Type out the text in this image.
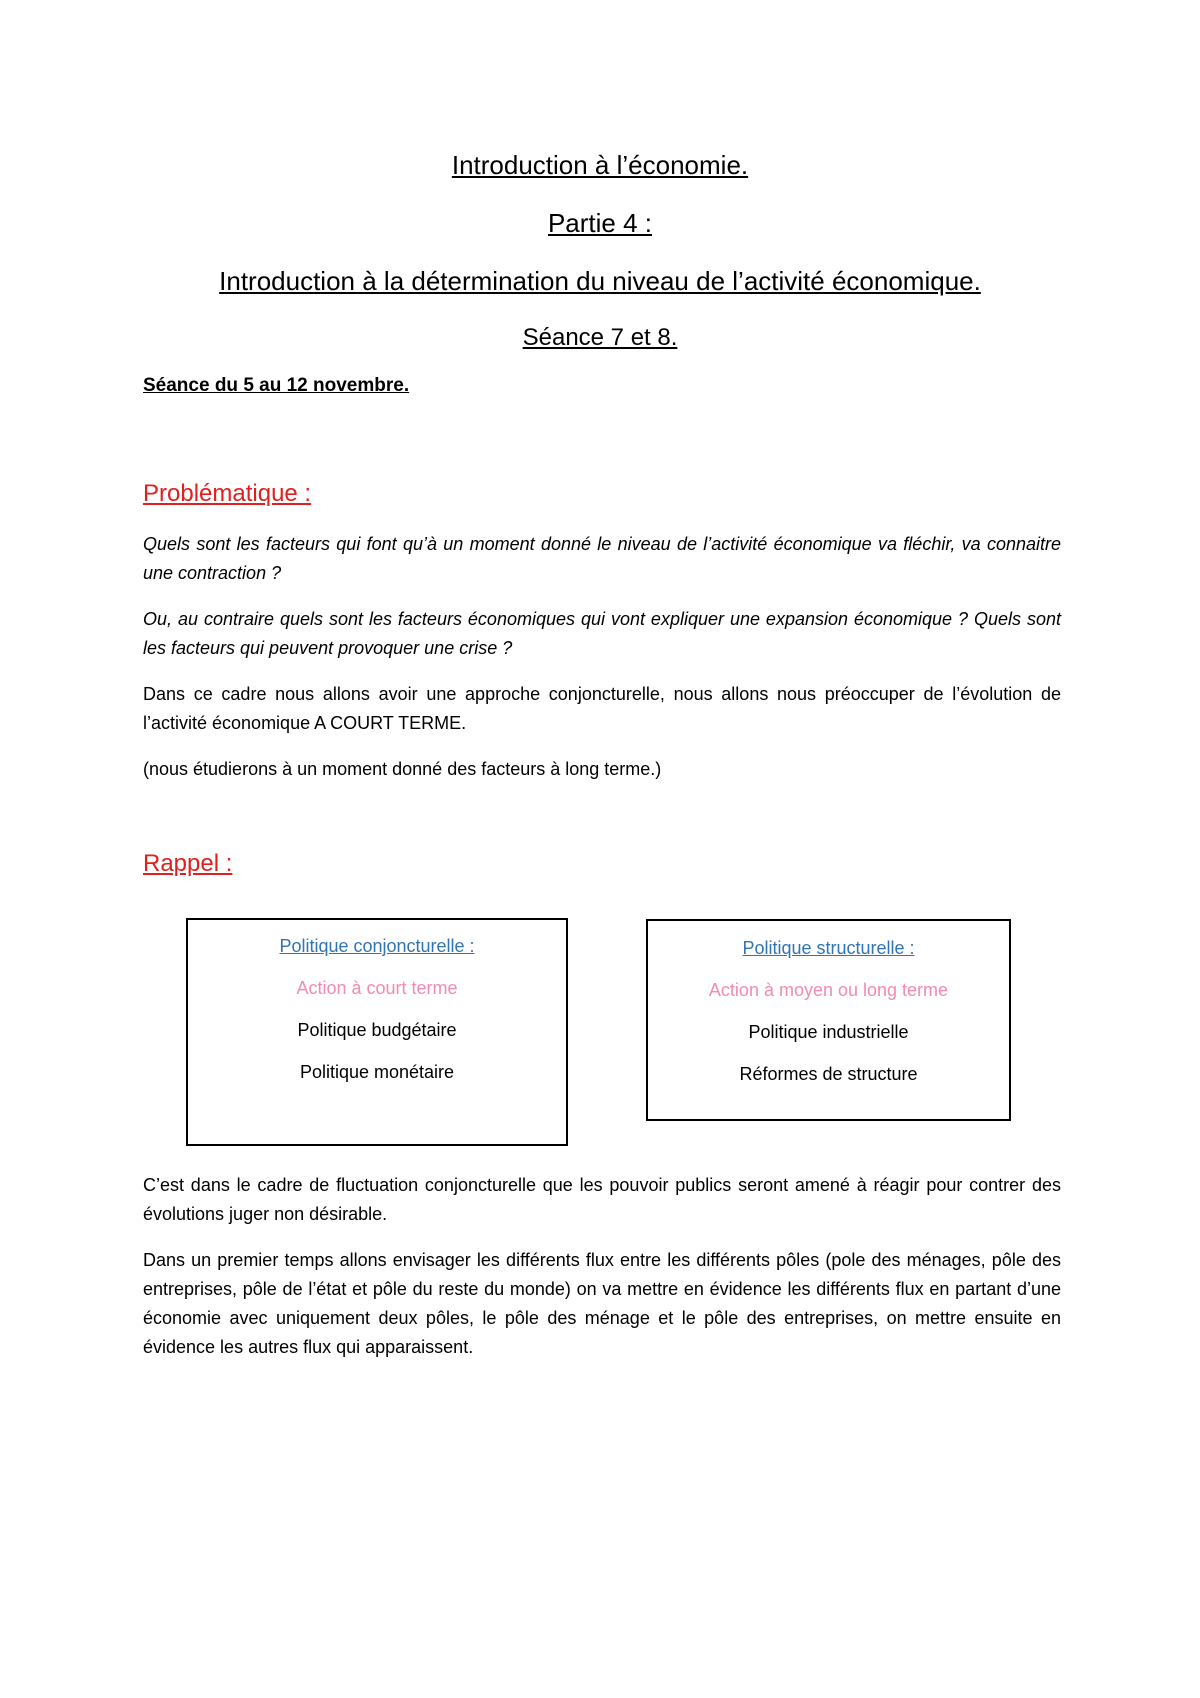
Introduction à l’économie.
Partie 4 :
Introduction à la détermination du niveau de l’activité économique.
Séance 7 et 8.
Séance du 5 au 12 novembre.
Problématique :
Quels sont les facteurs qui font qu’à un moment donné le niveau de l’activité économique va fléchir, va connaitre une contraction ?
Ou, au contraire quels sont les facteurs économiques qui vont expliquer une expansion économique ? Quels sont les facteurs qui peuvent provoquer une crise ?
Dans ce cadre nous allons avoir une approche conjoncturelle, nous allons nous préoccuper de l’évolution de l’activité économique A COURT TERME.
(nous étudierons à un moment donné des facteurs à long terme.)
Rappel :
Politique conjoncturelle :
Action à court terme
Politique budgétaire
Politique monétaire
Politique structurelle :
Action à moyen ou long terme
Politique industrielle
Réformes de structure
C’est dans le cadre de fluctuation conjoncturelle que les pouvoir publics seront amené à réagir pour contrer des évolutions juger non désirable.
Dans un premier temps allons envisager les différents flux entre les différents pôles (pole des ménages, pôle des entreprises, pôle de l’état et pôle du reste du monde) on va mettre en évidence les différents flux en partant d’une économie avec uniquement deux pôles, le pôle des ménage et le pôle des entreprises, on mettre ensuite en évidence les autres flux qui apparaissent.
